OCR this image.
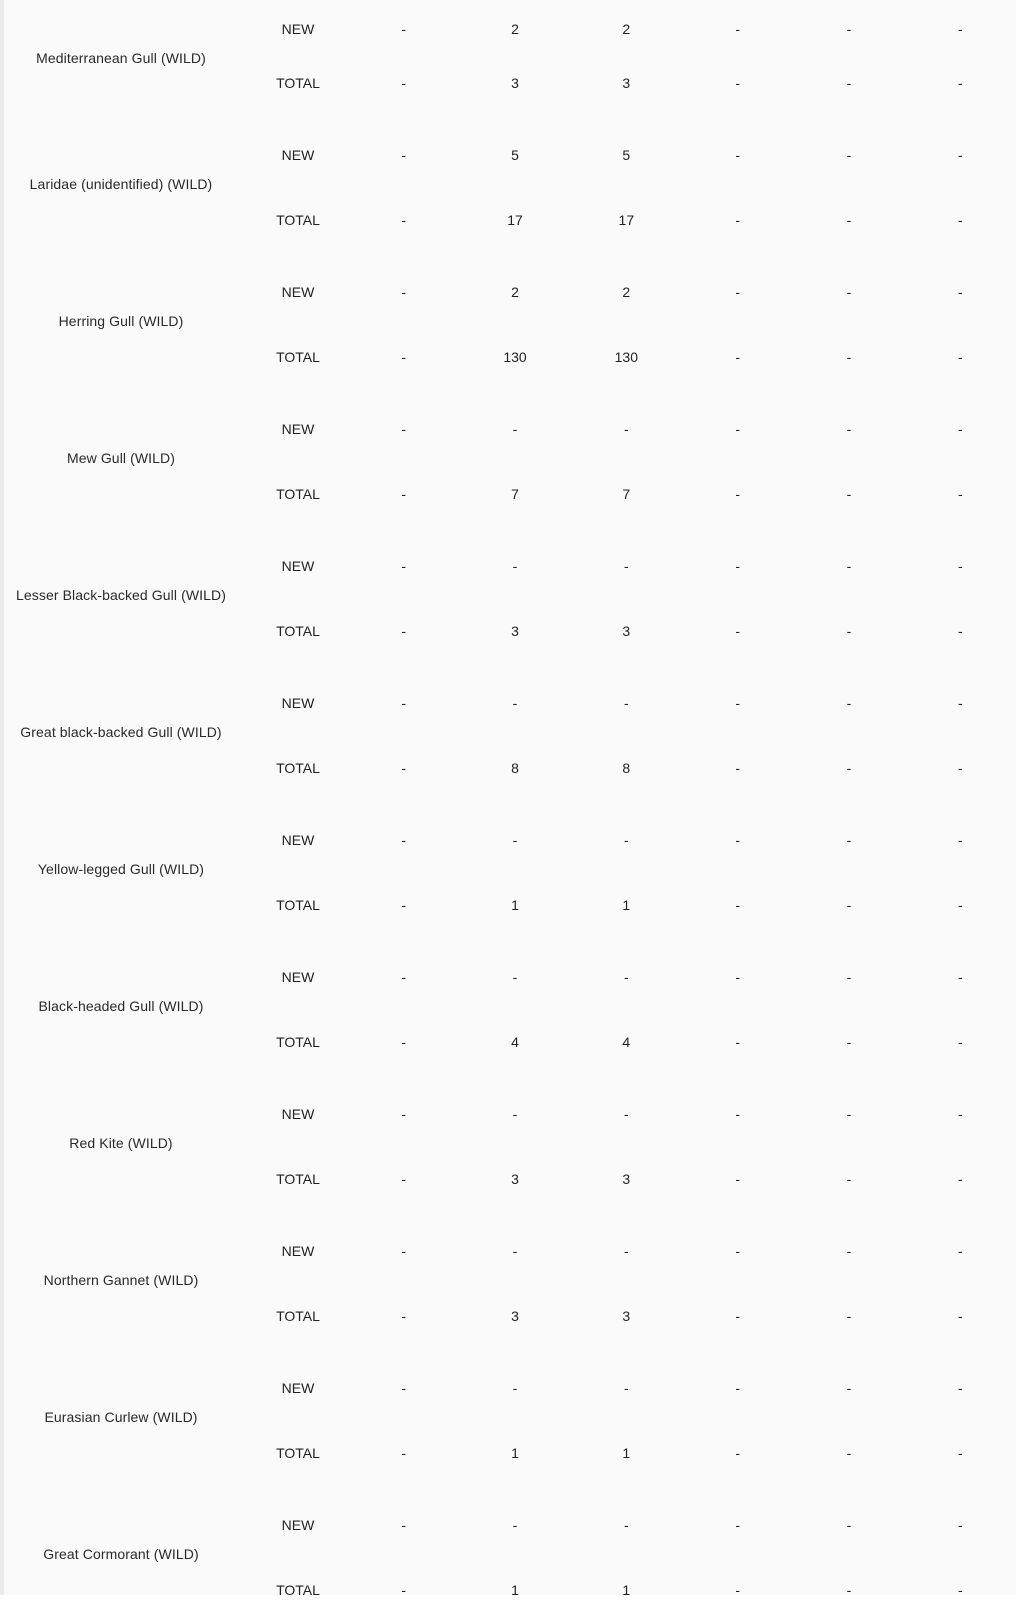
Mediterranean Gull (WILD)	NEW	-	2	2	-	-	-
	TOTAL	-	3	3	-	-	-
Laridae (unidentified) (WILD)	NEW	-	5	5	-	-	-
	TOTAL	-	17	17	-	-	-
Herring Gull (WILD)	NEW	-	2	2	-	-	-
	TOTAL	-	130	130	-	-	-
Mew Gull (WILD)	NEW	-	-	-	-	-	-
	TOTAL	-	7	7	-	-	-
Lesser Black-backed Gull (WILD)	NEW	-	-	-	-	-	-
	TOTAL	-	3	3	-	-	-
Great black-backed Gull (WILD)	NEW	-	-	-	-	-	-
	TOTAL	-	8	8	-	-	-
Yellow-legged Gull (WILD)	NEW	-	-	-	-	-	-
	TOTAL	-	1	1	-	-	-
Black-headed Gull (WILD)	NEW	-	-	-	-	-	-
	TOTAL	-	4	4	-	-	-
Red Kite (WILD)	NEW	-	-	-	-	-	-
	TOTAL	-	3	3	-	-	-
Northern Gannet (WILD)	NEW	-	-	-	-	-	-
	TOTAL	-	3	3	-	-	-
Eurasian Curlew (WILD)	NEW	-	-	-	-	-	-
	TOTAL	-	1	1	-	-	-
Great Cormorant (WILD)	NEW	-	-	-	-	-	-
	TOTAL	-	1	1	-	-	-
